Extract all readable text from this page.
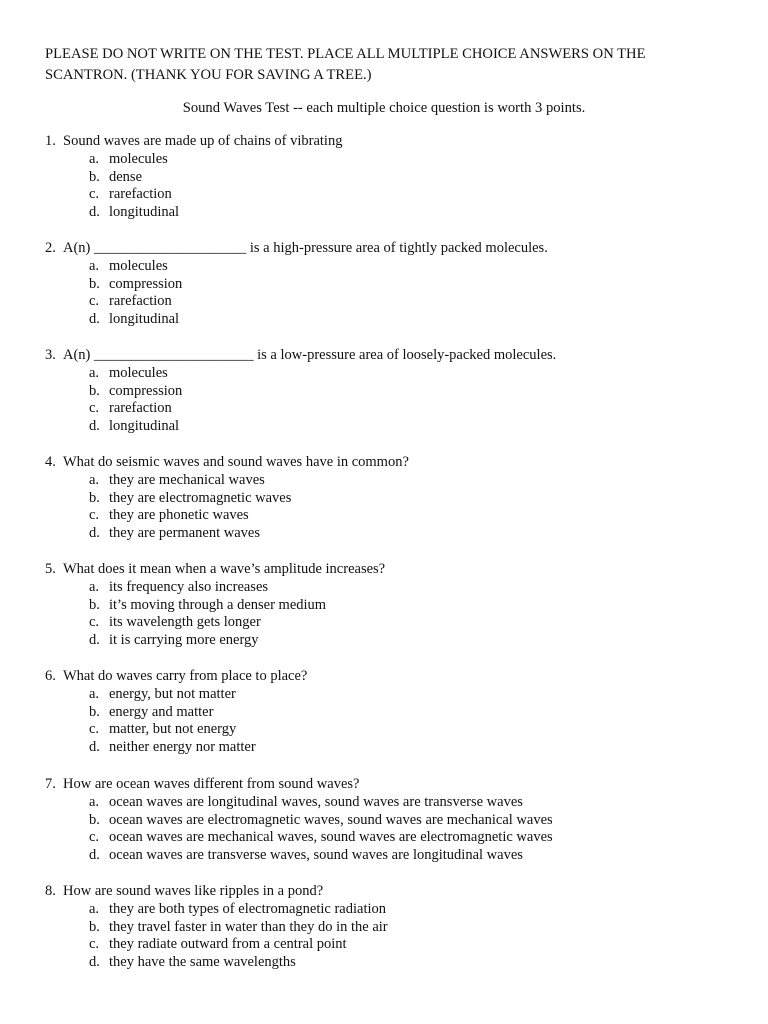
PLEASE DO NOT WRITE ON THE TEST. PLACE ALL MULTIPLE CHOICE ANSWERS ON THE
SCANTRON. (THANK YOU FOR SAVING A TREE.)
Sound Waves Test -- each multiple choice question is worth 3 points.
1. Sound waves are made up of chains of vibrating
a. molecules
b. dense
c. rarefaction
d. longitudinal
2. A(n) _____________________ is a high-pressure area of tightly packed molecules.
a. molecules
b. compression
c. rarefaction
d. longitudinal
3. A(n) ______________________ is a low-pressure area of loosely-packed molecules.
a. molecules
b. compression
c. rarefaction
d. longitudinal
4. What do seismic waves and sound waves have in common?
a. they are mechanical waves
b. they are electromagnetic waves
c. they are phonetic waves
d. they are permanent waves
5. What does it mean when a wave’s amplitude increases?
a. its frequency also increases
b. it’s moving through a denser medium
c. its wavelength gets longer
d. it is carrying more energy
6. What do waves carry from place to place?
a. energy, but not matter
b. energy and matter
c. matter, but not energy
d. neither energy nor matter
7. How are ocean waves different from sound waves?
a. ocean waves are longitudinal waves, sound waves are transverse waves
b. ocean waves are electromagnetic waves, sound waves are mechanical waves
c. ocean waves are mechanical waves, sound waves are electromagnetic waves
d. ocean waves are transverse waves, sound waves are longitudinal waves
8. How are sound waves like ripples in a pond?
a. they are both types of electromagnetic radiation
b. they travel faster in water than they do in the air
c. they radiate outward from a central point
d. they have the same wavelengths
